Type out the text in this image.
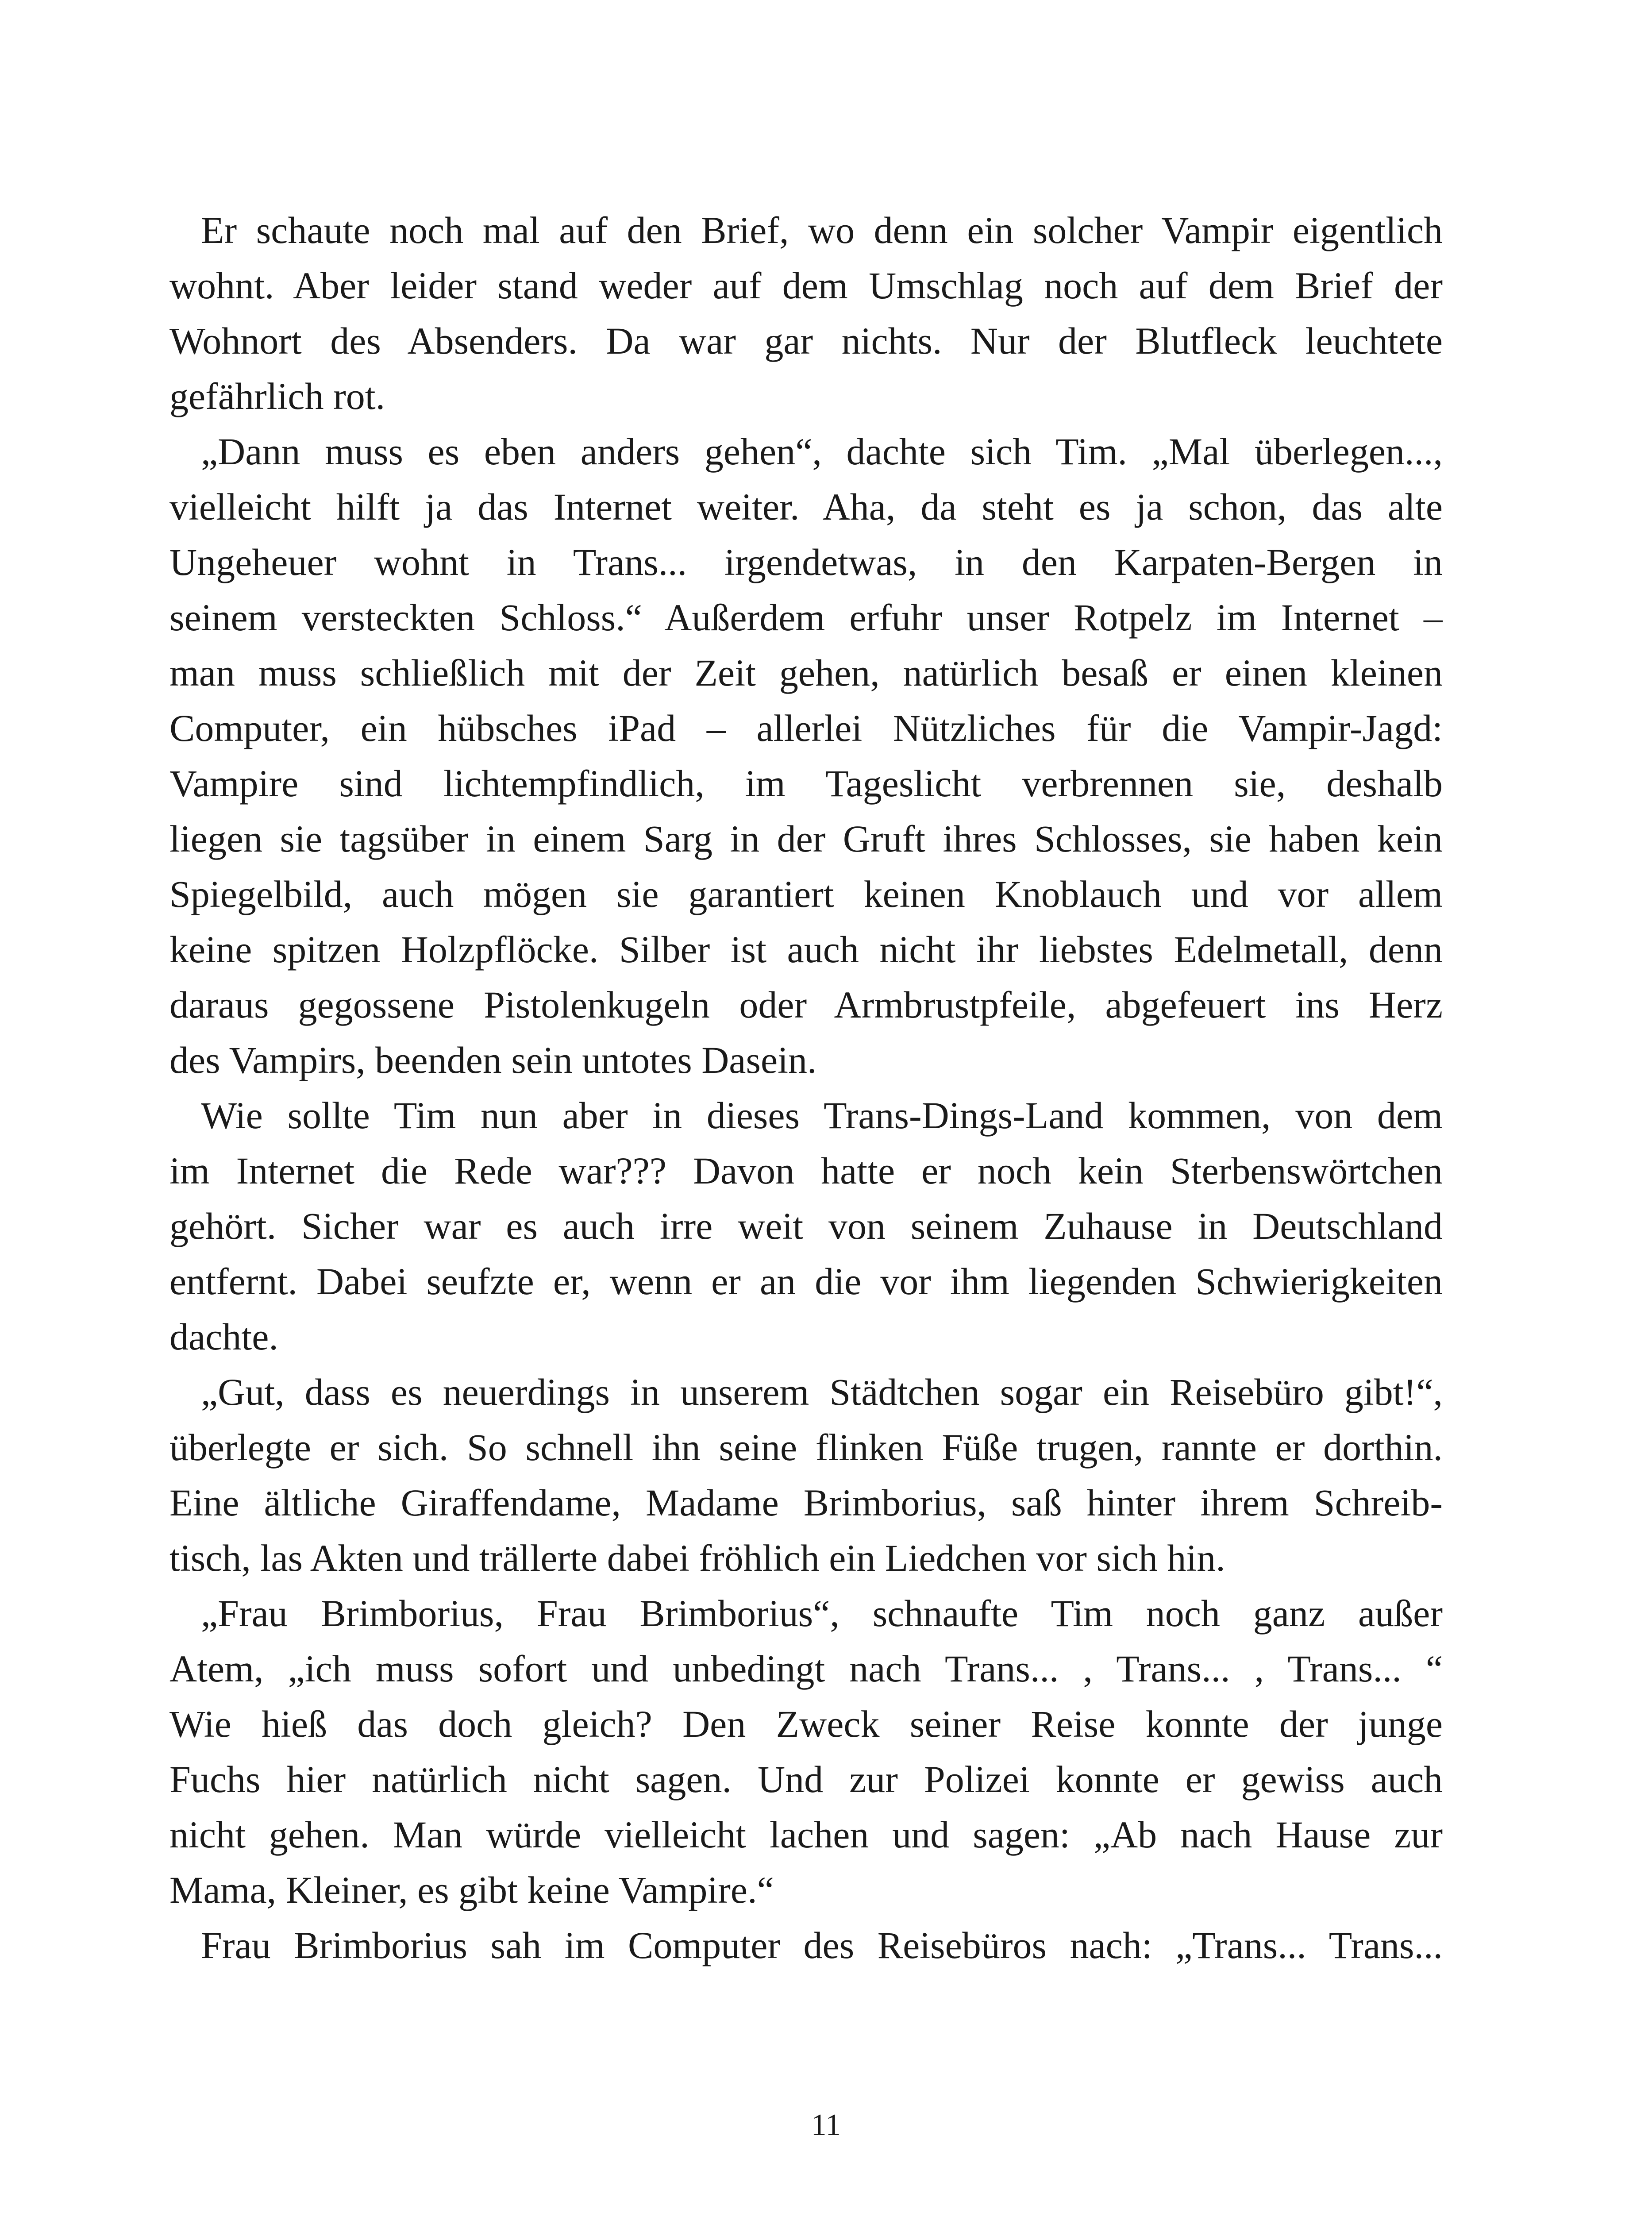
Er schaute noch mal auf den Brief, wo denn ein solcher Vampir eigentlich
wohnt. Aber leider stand weder auf dem Umschlag noch auf dem Brief der
Wohnort des Absenders. Da war gar nichts. Nur der Blutfleck leuchtete
gefährlich rot.
„Dann muss es eben anders gehen“, dachte sich Tim. „Mal überlegen...,
vielleicht hilft ja das Internet weiter. Aha, da steht es ja schon, das alte
Ungeheuer wohnt in Trans... irgendetwas, in den Karpaten-Bergen in
seinem versteckten Schloss.“ Außerdem erfuhr unser Rotpelz im Internet –
man muss schließlich mit der Zeit gehen, natürlich besaß er einen kleinen
Computer, ein hübsches iPad – allerlei Nützliches für die Vampir-Jagd:
Vampire sind lichtempfindlich, im Tageslicht verbrennen sie, deshalb
liegen sie tagsüber in einem Sarg in der Gruft ihres Schlosses, sie haben kein
Spiegelbild, auch mögen sie garantiert keinen Knoblauch und vor allem
keine spitzen Holzpflöcke. Silber ist auch nicht ihr liebstes Edelmetall, denn
daraus gegossene Pistolenkugeln oder Armbrustpfeile, abgefeuert ins Herz
des Vampirs, beenden sein untotes Dasein.
Wie sollte Tim nun aber in dieses Trans-Dings-Land kommen, von dem
im Internet die Rede war??? Davon hatte er noch kein Sterbenswörtchen
gehört. Sicher war es auch irre weit von seinem Zuhause in Deutschland
entfernt. Dabei seufzte er, wenn er an die vor ihm liegenden Schwierigkeiten
dachte.
„Gut, dass es neuerdings in unserem Städtchen sogar ein Reisebüro gibt!“,
überlegte er sich. So schnell ihn seine flinken Füße trugen, rannte er dorthin.
Eine ältliche Giraffendame, Madame Brimborius, saß hinter ihrem Schreib-
tisch, las Akten und trällerte dabei fröhlich ein Liedchen vor sich hin.
„Frau Brimborius, Frau Brimborius“, schnaufte Tim noch ganz außer
Atem, „ich muss sofort und unbedingt nach Trans... , Trans... , Trans... “
Wie hieß das doch gleich? Den Zweck seiner Reise konnte der junge
Fuchs hier natürlich nicht sagen. Und zur Polizei konnte er gewiss auch
nicht gehen. Man würde vielleicht lachen und sagen: „Ab nach Hause zur
Mama, Kleiner, es gibt keine Vampire.“
Frau Brimborius sah im Computer des Reisebüros nach: „Trans... Trans...
11
